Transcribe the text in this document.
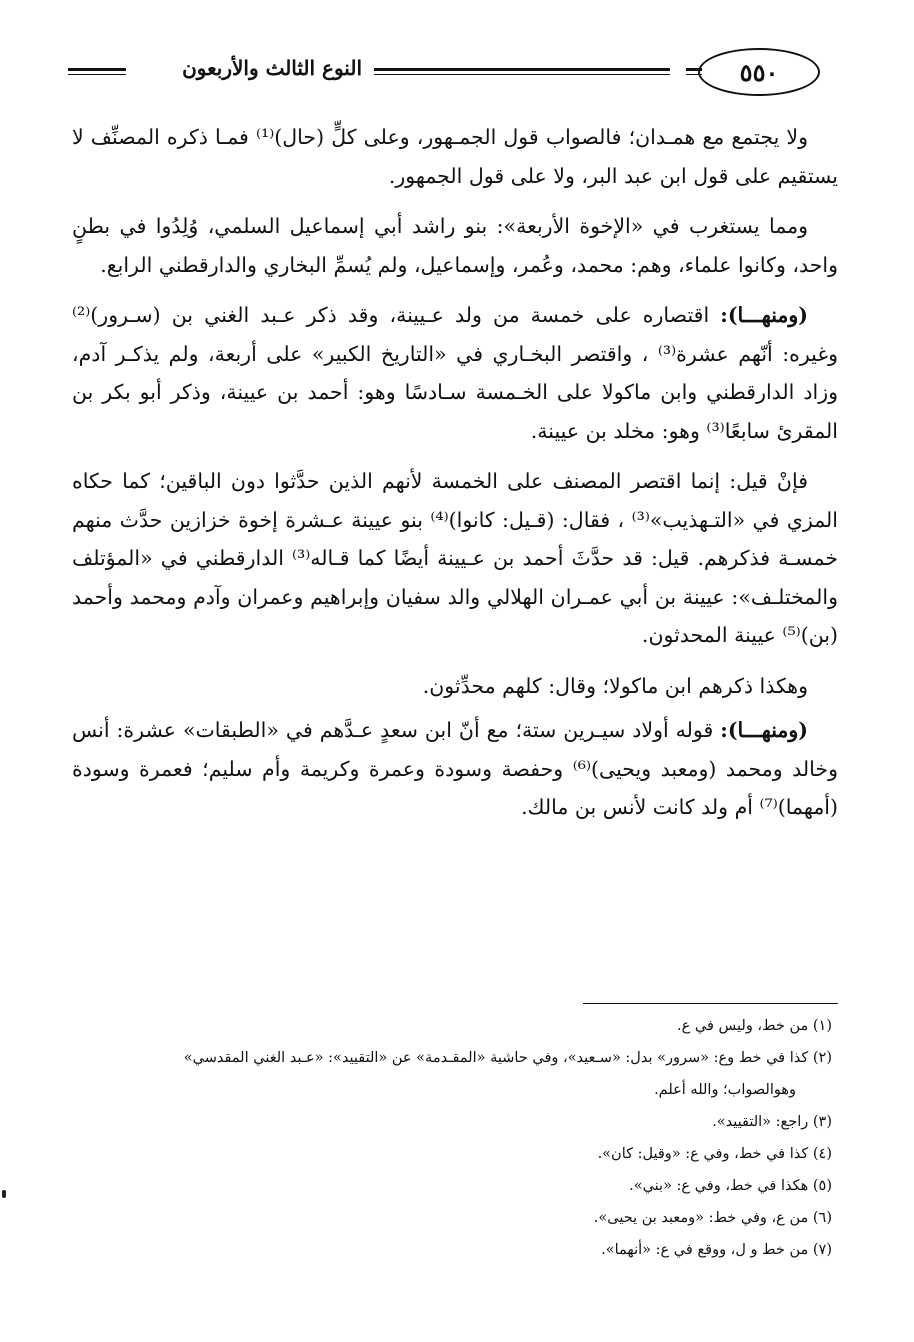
٥٥٠
النوع الثالث والأربعون

ولا يجتمع مع همـدان؛ فالصواب قول الجمـهور، وعلى كلٍّ (حال)⁽¹⁾ فمـا ذكره المصنِّف لا يستقيم على قول ابن عبد البر، ولا على قول الجمهور.

ومما يستغرب في «الإخوة الأربعة»: بنو راشد أبي إسماعيل السلمي، وُلِدُوا في بطنٍ واحد، وكانوا علماء، وهم: محمد، وعُمر، وإسماعيل، ولم يُسمِّ البخاري والدارقطني الرابع.

(ومنهـــا): اقتصاره على خمسة من ولد عـيينة، وقد ذكر عـبد الغني بن (سـرور)⁽²⁾ وغيره: أنّهم عشرة⁽³⁾ ، واقتصر البخـاري في «التاريخ الكبير» على أربعة، ولم يذكـر آدم، وزاد الدارقطني وابن ماكولا على الخـمسة سـادسًا وهو: أحمد بن عيينة، وذكر أبو بكر بن المقرئ سابعًا⁽³⁾ وهو: مخلد بن عيينة.

فإنْ قيل: إنما اقتصر المصنف على الخمسة لأنهم الذين حدَّثوا دون الباقين؛ كما حكاه المزي في «التـهذيب»⁽³⁾ ، فقال: (قـيل: كانوا)⁽⁴⁾ بنو عيينة عـشرة إخوة خزازين حدَّث منهم خمسـة فذكرهم. قيل: قد حدَّثَ أحمد بن عـيينة أيضًا كما قـاله⁽³⁾ الدارقطني في «المؤتلف والمختلـف»: عيينة بن أبي عمـران الهلالي والد سفيان وإبراهيم وعمران وآدم ومحمد وأحمد (بن)⁽⁵⁾ عيينة المحدثون.

وهكذا ذكرهم ابن ماكولا؛ وقال: كلهم محدِّثون.

(ومنهـــا): قوله أولاد سيـرين ستة؛ مع أنّ ابن سعدٍ عـدَّهم في «الطبقات» عشرة: أنس وخالد ومحمد (ومعبد ويحيى)⁽⁶⁾ وحفصة وسودة وعمرة وكريمة وأم سليم؛ فعمرة وسودة (أمهما)⁽⁷⁾ أم ولد كانت لأنس بن مالك.

(١) من خط، وليس في ع.

(٢) كذا في خط وع: «سرور» بدل: «سـعيد»، وفي حاشية «المقـدمة» عن «التقييد»: «عـبد الغني المقدسي»
وهوالصواب؛ والله أعلم.

(٣) راجع: «التقييد».

(٤) كذا في خط، وفي ع: «وقيل: كان».

(٥) هكذا في خط، وفي ع: «بني».

(٦) من ع، وفي خط: «ومعبد بن يحيى».

(٧) من خط و ل، ووقع في ع: «أنهما».
